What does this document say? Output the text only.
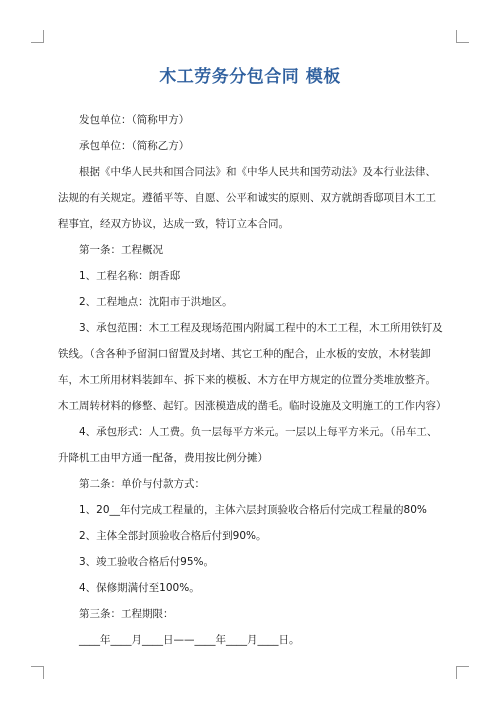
木工劳务分包合同 模板

发包单位：（简称甲方）

承包单位：（简称乙方）

根据《中华人民共和国合同法》和《中华人民共和国劳动法》及本行业法律、法规的有关规定。遵循平等、自愿、公平和诚实的原则、双方就朗香邸项目木工工程事宜，经双方协议，达成一致，特订立本合同。

第一条：工程概况

1、工程名称：朗香邸

2、工程地点：沈阳市于洪地区。

3、承包范围：木工工程及现场范围内附属工程中的木工工程，木工所用铁钉及铁线。（含各种予留洞口留置及封堵、其它工种的配合，止水板的安放，木材装卸车，木工所用材料装卸车、拆下来的模板、木方在甲方规定的位置分类堆放整齐。木工周转材料的修整、起钉。因涨模造成的凿毛。临时设施及文明施工的工作内容）

4、承包形式：人工费。负一层每平方米元。一层以上每平方米元。（吊车工、升降机工由甲方通一配备，费用按比例分摊）

第二条：单价与付款方式：

1、20__年付完成工程量的，主体六层封顶验收合格后付完成工程量的80%

2、主体全部封顶验收合格后付到90%。

3、竣工验收合格后付95%。

4、保修期满付至100%。

第三条：工程期限：

____年____月____日——____年____月____日。
